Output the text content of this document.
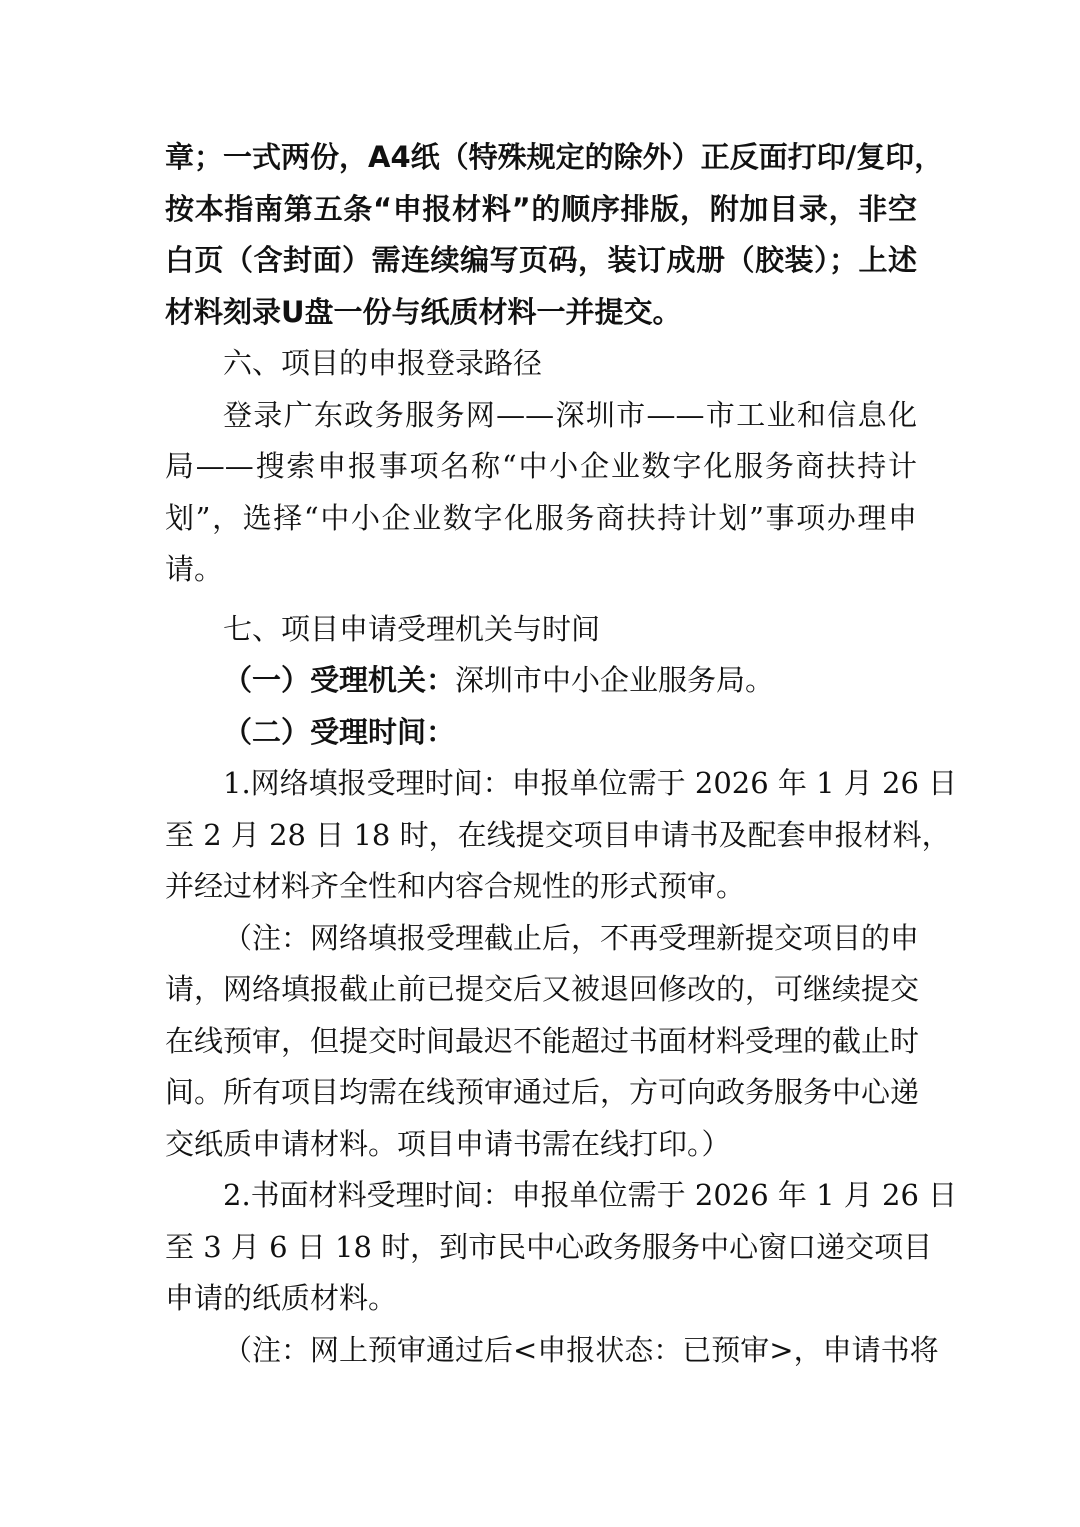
章；一式两份，A4纸（特殊规定的除外）正反面打印/复印，
按本指南第五条“申报材料”的顺序排版，附加目录，非空
白页（含封面）需连续编写页码，装订成册（胶装）；上述
材料刻录U盘一份与纸质材料一并提交。
六、项目的申报登录路径
登录广东政务服务网——深圳市——市工业和信息化
局——搜索申报事项名称“中小企业数字化服务商扶持计
划”，选择“中小企业数字化服务商扶持计划”事项办理申
请。
七、项目申请受理机关与时间
（一）受理机关：深圳市中小企业服务局。
（二）受理时间：
1.网络填报受理时间：申报单位需于 2026 年 1 月 26 日
至 2 月 28 日 18 时，在线提交项目申请书及配套申报材料，
并经过材料齐全性和内容合规性的形式预审。
（注：网络填报受理截止后，不再受理新提交项目的申
请，网络填报截止前已提交后又被退回修改的，可继续提交
在线预审，但提交时间最迟不能超过书面材料受理的截止时
间。所有项目均需在线预审通过后，方可向政务服务中心递
交纸质申请材料。项目申请书需在线打印。）
2.书面材料受理时间：申报单位需于 2026 年 1 月 26 日
至 3 月 6 日 18 时，到市民中心政务服务中心窗口递交项目
申请的纸质材料。
（注：网上预审通过后<申报状态：已预审>，申请书将
